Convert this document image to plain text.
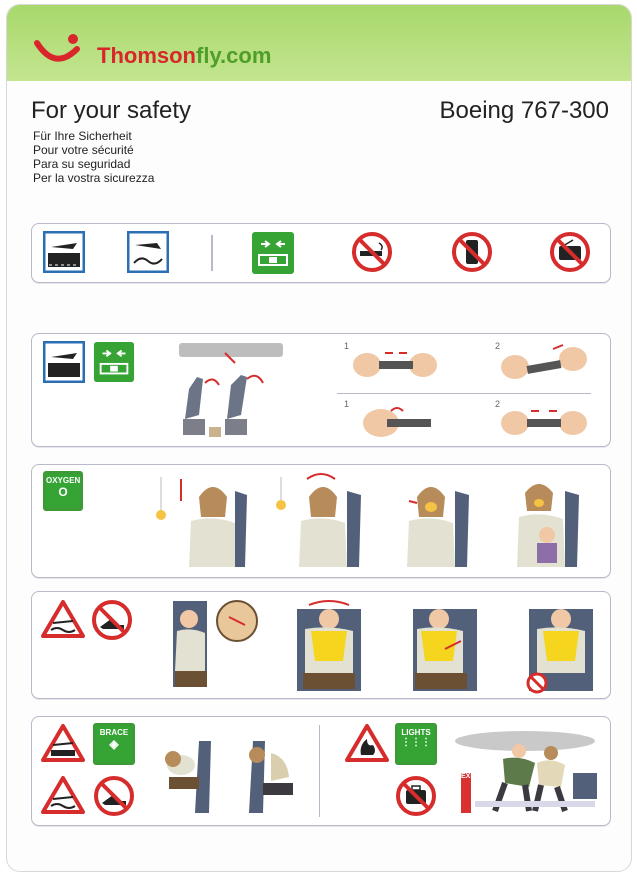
Thomsonfly.com
For your safety
Für Ihre Sicherheit
Pour votre sécurité
Para su seguridad
Per la vostra sicurezza
Boeing 767-300
1	2
1	2
OXYGEN
O
BRACE
◈
LIGHTS
⋮⋮⋮
EXIT
